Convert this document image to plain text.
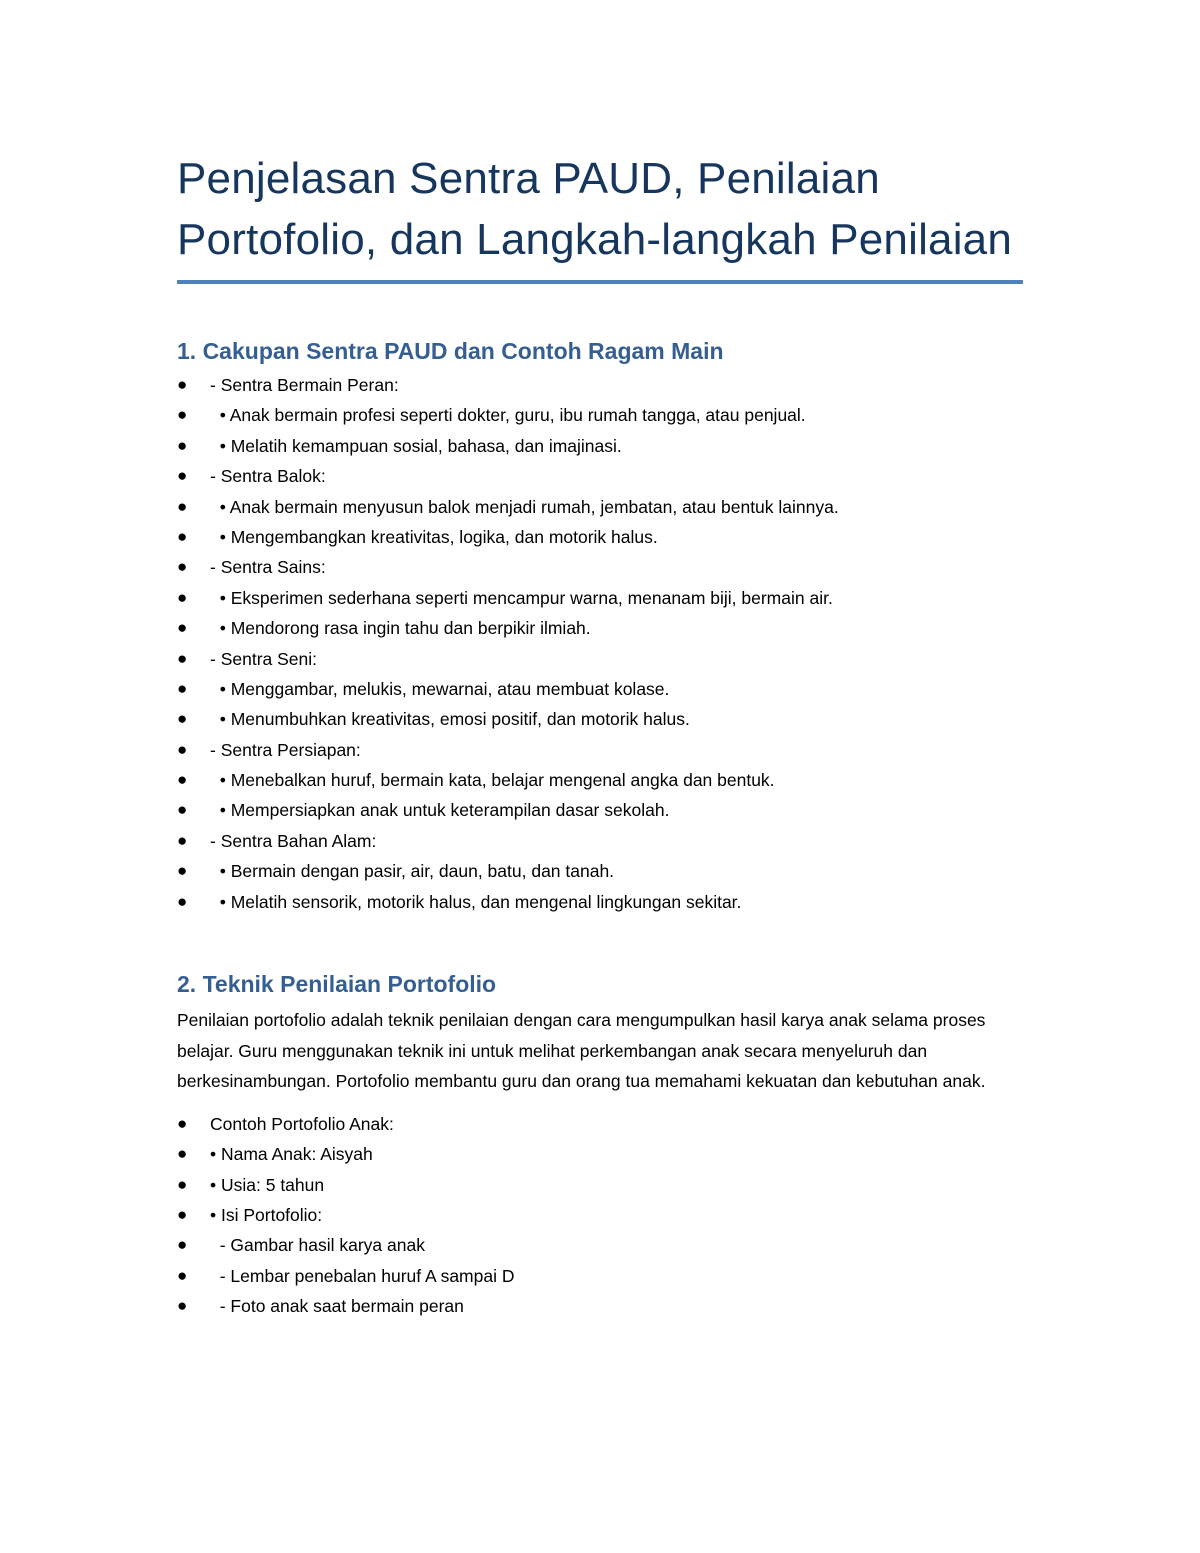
Penjelasan Sentra PAUD, Penilaian Portofolio, dan Langkah-langkah Penilaian
1. Cakupan Sentra PAUD dan Contoh Ragam Main
● - Sentra Bermain Peran:
● • Anak bermain profesi seperti dokter, guru, ibu rumah tangga, atau penjual.
● • Melatih kemampuan sosial, bahasa, dan imajinasi.
● - Sentra Balok:
● • Anak bermain menyusun balok menjadi rumah, jembatan, atau bentuk lainnya.
● • Mengembangkan kreativitas, logika, dan motorik halus.
● - Sentra Sains:
● • Eksperimen sederhana seperti mencampur warna, menanam biji, bermain air.
● • Mendorong rasa ingin tahu dan berpikir ilmiah.
● - Sentra Seni:
● • Menggambar, melukis, mewarnai, atau membuat kolase.
● • Menumbuhkan kreativitas, emosi positif, dan motorik halus.
● - Sentra Persiapan:
● • Menebalkan huruf, bermain kata, belajar mengenal angka dan bentuk.
● • Mempersiapkan anak untuk keterampilan dasar sekolah.
● - Sentra Bahan Alam:
● • Bermain dengan pasir, air, daun, batu, dan tanah.
● • Melatih sensorik, motorik halus, dan mengenal lingkungan sekitar.
2. Teknik Penilaian Portofolio

Penilaian portofolio adalah teknik penilaian dengan cara mengumpulkan hasil karya anak selama proses belajar. Guru menggunakan teknik ini untuk melihat perkembangan anak secara menyeluruh dan berkesinambungan. Portofolio membantu guru dan orang tua memahami kekuatan dan kebutuhan anak.

● Contoh Portofolio Anak:
● • Nama Anak: Aisyah
● • Usia: 5 tahun
● • Isi Portofolio:
● - Gambar hasil karya anak
● - Lembar penebalan huruf A sampai D
● - Foto anak saat bermain peran
